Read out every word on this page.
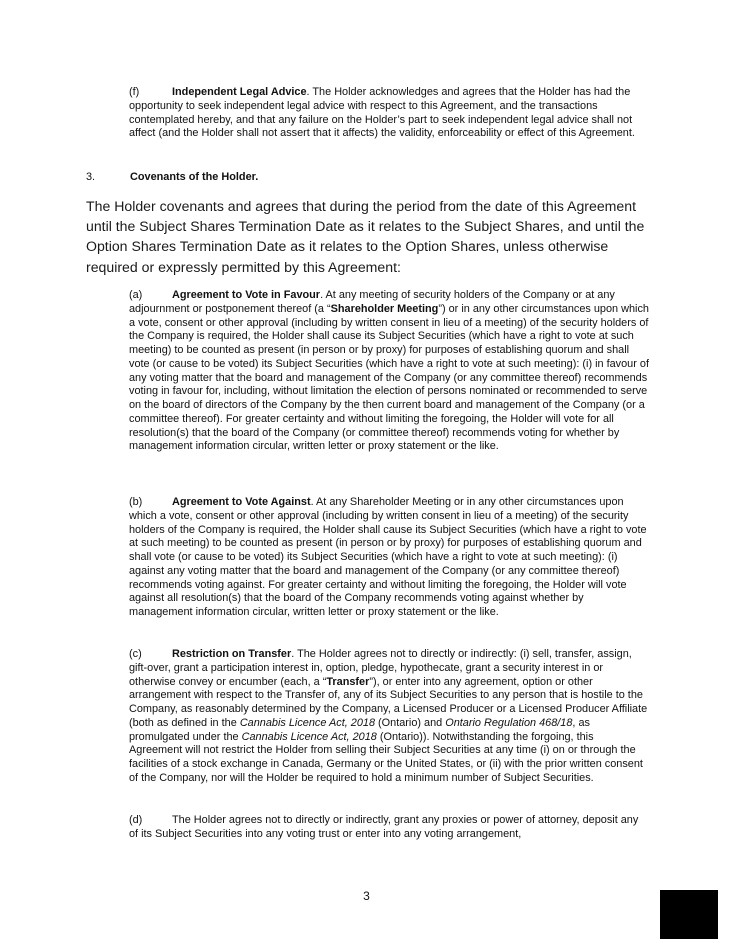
(f)	Independent Legal Advice. The Holder acknowledges and agrees that the Holder has had the opportunity to seek independent legal advice with respect to this Agreement, and the transactions contemplated hereby, and that any failure on the Holder’s part to seek independent legal advice shall not affect (and the Holder shall not assert that it affects) the validity, enforceability or effect of this Agreement.

3.	Covenants of the Holder.

The Holder covenants and agrees that during the period from the date of this Agreement until the Subject Shares Termination Date as it relates to the Subject Shares, and until the Option Shares Termination Date as it relates to the Option Shares, unless otherwise required or expressly permitted by this Agreement:

(a)	Agreement to Vote in Favour. At any meeting of security holders of the Company or at any adjournment or postponement thereof (a “Shareholder Meeting”) or in any other circumstances upon which a vote, consent or other approval (including by written consent in lieu of a meeting) of the security holders of the Company is required, the Holder shall cause its Subject Securities (which have a right to vote at such meeting) to be counted as present (in person or by proxy) for purposes of establishing quorum and shall vote (or cause to be voted) its Subject Securities (which have a right to vote at such meeting): (i) in favour of any voting matter that the board and management of the Company (or any committee thereof) recommends voting in favour for, including, without limitation the election of persons nominated or recommended to serve on the board of directors of the Company by the then current board and management of the Company (or a committee thereof). For greater certainty and without limiting the foregoing, the Holder will vote for all resolution(s) that the board of the Company (or committee thereof) recommends voting for whether by management information circular, written letter or proxy statement or the like.

(b)	Agreement to Vote Against. At any Shareholder Meeting or in any other circumstances upon which a vote, consent or other approval (including by written consent in lieu of a meeting) of the security holders of the Company is required, the Holder shall cause its Subject Securities (which have a right to vote at such meeting) to be counted as present (in person or by proxy) for purposes of establishing quorum and shall vote (or cause to be voted) its Subject Securities (which have a right to vote at such meeting): (i) against any voting matter that the board and management of the Company (or any committee thereof) recommends voting against. For greater certainty and without limiting the foregoing, the Holder will vote against all resolution(s) that the board of the Company recommends voting against whether by management information circular, written letter or proxy statement or the like.

(c)	Restriction on Transfer. The Holder agrees not to directly or indirectly: (i) sell, transfer, assign, gift-over, grant a participation interest in, option, pledge, hypothecate, grant a security interest in or otherwise convey or encumber (each, a “Transfer”), or enter into any agreement, option or other arrangement with respect to the Transfer of, any of its Subject Securities to any person that is hostile to the Company, as reasonably determined by the Company, a Licensed Producer or a Licensed Producer Affiliate (both as defined in the Cannabis Licence Act, 2018 (Ontario) and Ontario Regulation 468/18, as promulgated under the Cannabis Licence Act, 2018 (Ontario)). Notwithstanding the forgoing, this Agreement will not restrict the Holder from selling their Subject Securities at any time (i) on or through the facilities of a stock exchange in Canada, Germany or the United States, or (ii) with the prior written consent of the Company, nor will the Holder be required to hold a minimum number of Subject Securities.

(d)	The Holder agrees not to directly or indirectly, grant any proxies or power of attorney, deposit any of its Subject Securities into any voting trust or enter into any voting arrangement,

3
